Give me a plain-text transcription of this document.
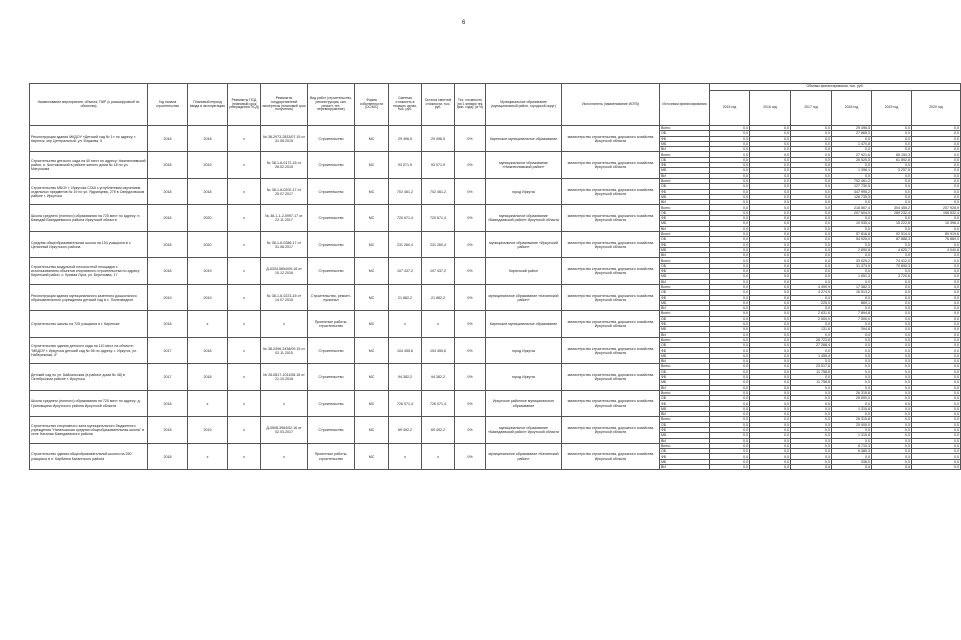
6
Наименование мероприятия, объекта, ПИР (с расшифровкой по объектам)	Год начала строительства	Плановый период ввода в эксплуатацию	Реквизиты ПСД (плановый срок утверждения ПСД)	Реквизиты государственной экспертизы (плановый срок получения)	Вид работ (строительство, реконструкция, кап. ремонт, тех. перевооружение)	Форма собственности (ОС/МС)	Сметная стоимость в текущих ценах, тыс. руб.	Остаток сметной стоимости, тыс. руб.	Тех. готовность (на 1 января тек. фин. года), (в %)	Муниципальное образование (муниципальный район, городской округ)	Исполнитель (наименование ИОГВ)	Источники финансирования	Объемы финансирования, тыс. руб.					
													2015 год	2016 год	2017 год	2018 год	2019 год	2020 год
Реконструкция здания МКДОУ «Детский сад № 1» по адресу: г. Киренск, м/р Центральный, ул. Маркова, 5	2016	2018	х	№ 38-2973-2833/07.15 от 31.08.2015	Строительство	МС	29 496,5	29 496,5	0%	Киренское муниципальное образование	министерство строительства, дорожного хозяйства Иркутской области	Всего	0,0	0,0	0,0	29 496,5	0,0	0,0
												ОБ	0,0	0,0	0,0	27 865,3	0,0	0,0
												ФБ	0,0	0,0	0,0	0,0	0,0	0,0
												МБ	0,0	0,0	0,0	1 470,8	0,0	0,0
												ВИ	0,0	0,0	0,0	0,0	0,0	0,0
Строительство детского сада на 40 мест по адресу: Нижнеилимский район, п. Чистяковский в районе жилого дома № 18 по ул. Матросова	2018	2019	х	№ 38-1-6-0172-15 от 28.02.2015	Строительство	МС	93 071,9	93 071,9	0%	муниципальное образование «Нижнеилимский район»	министерство строительства, дорожного хозяйства Иркутской области	Всего	0,0	0,0	0,0	27 921,6	65 150,3	0,0
												ОБ	0,0	0,0	0,0	26 525,5	61 892,8	0,0
												ФБ	0,0	0,0	0,0	0,0	0,0	0,0
												МБ	0,0	0,0	0,0	1 396,1	3 257,5	0,0
												ВИ	0,0	0,0	0,0	0,0	0,0	0,0
Строительство МБОУ г. Иркутска СОШ с углубленным изучением отдельных предметов № 19 по ул. Ядринцева, 27б в Свердловском районе г. Иркутска	2018	2018	х	№ 38-1-6-0202-17 от 25.07.2017	Строительство	МС	702 461,2	702 461,2	0%	город Иркутск	министерство строительства, дорожного хозяйства Иркутской области	Всего	0,0	0,0	0,0	702 461,2	0,0	0,0
												ОБ	0,0	0,0	0,0	127 730,5	0,0	0,0
												ФБ	0,0	0,0	0,0	447 995,2	0,0	0,0
												МБ	0,0	0,0	0,0	126 735,5	0,0	0,0
												ВИ	0,0	0,0	0,0	0,0	0,0	0,0
Школа среднего (полного) образования на 725 мест по адресу: п. Баяндай Баяндаевского района Иркутской области	2016	2020	х	№ 38-1-1-2-0997-17 от 22.11.2017	Строительство	МС	720 671,4	720 671,4	0%	муниципальное образование «Баяндаевский район» Иркутской области	министерство строительства, дорожного хозяйства Иркутской области	Всего	0,0	0,0	0,0	218 567,4	304 455,2	207 928,9
												ОБ	0,0	0,0	0,0	207 604,0	289 232,4	196 532,4
												ФБ	0,0	0,0	0,0	0,0	0,0	0,0
												МБ	0,0	0,0	0,0	10 935,4	15 222,8	10 396,4
												ВИ	0,0	0,0	0,0	0,0	0,0	0,0
Средняя общеобразовательная школа на 154 учащихся в с. Целинный Иркутского района	2018	2020	х	№ 38-1-6-0286-17 от 31.08.2017	Строительство	МС	231 260,4	231 260,4	0%	муниципальное образование «Иркутский район»	министерство строительства, дорожного хозяйства Иркутской области	Всего	0,0	0,0	0,0	57 816,8	92 514,0	80 919,6
												ОБ	0,0	0,0	0,0	54 925,0	87 888,3	76 889,0
												ФБ	0,0	0,0	0,0	0,0	0,0	0,0
												МБ	0,0	0,0	0,0	2 890,8	4 625,7	4 040,8
												ВИ	0,0	0,0	0,0	0,0	0,0	0,0
Строительство модульной плоскостной площадки с использованием объектов спортивного строительства по адресу: Киренский район, с. Кривая Лука, ул. Березовая, 17	2018	2019	х	Д-0334-5654/09-16 от 10.12.2016	Строительство	МС	107 437,2	107 437,2	0%	Киренский район	министерство строительства, дорожного хозяйства Иркутской области	Всего	0,0	0,0	0,0	33 025,2	74 412,0	0,0
												ОБ	0,0	0,0	0,0	31 373,9	70 690,3	0,0
												ФБ	0,0	0,0	0,0	0,0	0,0	0,0
												МБ	0,0	0,0	0,0	1 651,3	3 720,6	0,0
												ВИ	0,0	0,0	0,0	0,0	0,0	0,0
Реконструкция здания муниципального казенного дошкольного образовательного учреждения детский сад в с. Полновидное	2019	2019	х	№ 38-1-6-0223-15 от 14.07.2015	Строительство, ремонт-пусконал	МС	21 882,2	21 882,2	0%	муниципальное образование «Катангский район»	министерство строительства, дорожного хозяйства Иркутской области	Всего	0,0	0,0	4 499,9	17 382,3	0,0	0,0
												ОБ	0,0	0,0	4 274,9	16 513,2	0,0	0,0
												ФБ	0,0	0,0	0,0	0,0	0,0	0,0
												МБ	0,0	0,0	225,0	869,1	0,0	0,0
												ВИ	0,0	0,0	0,0	0,0	0,0	0,0
Строительство школы на 725 учащихся в г. Киренске	2018	х	х	х	Проектные работы, строительство	МС	х	х	0%	Киренское муниципальное образование	министерство строительства, дорожного хозяйства Иркутской области	Всего	0,0	0,0	2 631,6	7 894,8	0,0	0,0
												ОБ	0,0	0,0	2 500,0	7 500,0	0,0	0,0
												ФБ	0,0	0,0	0,0	0,0	0,0	0,0
												МБ	0,0	0,0	131,6	394,8	0,0	0,0
												ВИ	0,0	0,0	0,0	0,0	0,0	0,0
Строительство здания детского сада на 110 мест на объекте: "МБДОУ г. Иркутска детский сад № 56 по адресу: г. Иркутск, ул. Набережная, 4"	2017	2018	х	№ 38-2496-2436/09.15 от 02.11.2015	Строительство	МС	104 455,6	104 455,6	0%	город Иркутск	министерство строительства, дорожного хозяйства Иркутской области	Всего	0,0	0,0	28 723,8	0,0	0,0	0,0
												ОБ	0,0	0,0	27 268,4	0,0	0,0	0,0
												ФБ	0,0	0,0	0,0	0,0	0,0	0,0
												МБ	0,0	0,0	1 455,4	0,0	0,0	0,0
												ВИ	0,0	0,0	0,0	0,0	0,0	0,0
Детский сад по ул. Байкальская (в районе дома № 48) в Октябрьском районе г. Иркутска	2017	2018	х	№ 26-0817-1011/08.16 от 21.10.2016	Строительство	МС	94 382,2	94 382,2	0%	город Иркутск	министерство строительства, дорожного хозяйства Иркутской области	Всего	0,0	0,0	23 517,6	0,0	0,0	0,0
												ОБ	0,0	0,0	11 758,8	0,0	0,0	0,0
												ФБ	0,0	0,0	0,0	0,0	0,0	0,0
												МБ	0,0	0,0	11 758,8	0,0	0,0	0,0
												ВИ	0,0	0,0	0,0	0,0	0,0	0,0
Школа среднего (полного) образования на 725 мест по адресу: д. Грановщина Иркутского района Иркутской области	2018	х	х	х	Строительство	МС	726 071,4	726 071,4	0%	Иркутское районное муниципальное образование	министерство строительства, дорожного хозяйства Иркутской области	Всего	0,0	0,0	0,0	26 315,8	0,0	0,0
												ОБ	0,0	0,0	0,0	25 000,0	0,0	0,0
												ФБ	0,0	0,0	0,0	0,0	0,0	0,0
												МБ	0,0	0,0	0,0	1 315,8	0,0	0,0
												ВИ	0,0	0,0	0,0	0,0	0,0	0,0
Строительство спортивного зала муниципального бюджетного учреждения "Нагалыкская средняя общеобразовательная школа" в селе Нагалык Баяндаевского района	2018	2019	х	Д-0508-3964/02.16 от 02.03.2017	Строительство	МС	69 492,2	69 492,2	0%	муниципальное образование «Баяндаевский район» Иркутской области	министерство строительства, дорожного хозяйства Иркутской области	Всего	0,0	0,0	0,0	26 315,8	0,0	0,0
												ОБ	0,0	0,0	0,0	25 000,0	0,0	0,0
												ФБ	0,0	0,0	0,0	0,0	0,0	0,0
												МБ	0,0	0,0	0,0	1 315,8	0,0	0,0
												ВИ	0,0	0,0	0,0	0,0	0,0	0,0
Строительство здания общеобразовательной школы на 250 учащихся в п. Карбинка Катангского района	2018	х	х	х	Проектные работы, строительство	МС	х	х	0%	муниципальное образование «Катангский район»	министерство строительства, дорожного хозяйства Иркутской области	Всего	0,0	0,0	0,0	6 710,3	0,0	0,0
												ОБ	0,0	0,0	0,0	6 385,3	0,0	0,0
												ФБ	0,0	0,0	0,0	0,0	0,0	0,0
												МБ	0,0	0,0	0,0	336,0	0,0	0,0
												ВИ	0,0	0,0	0,0	0,0	0,0	0,0
